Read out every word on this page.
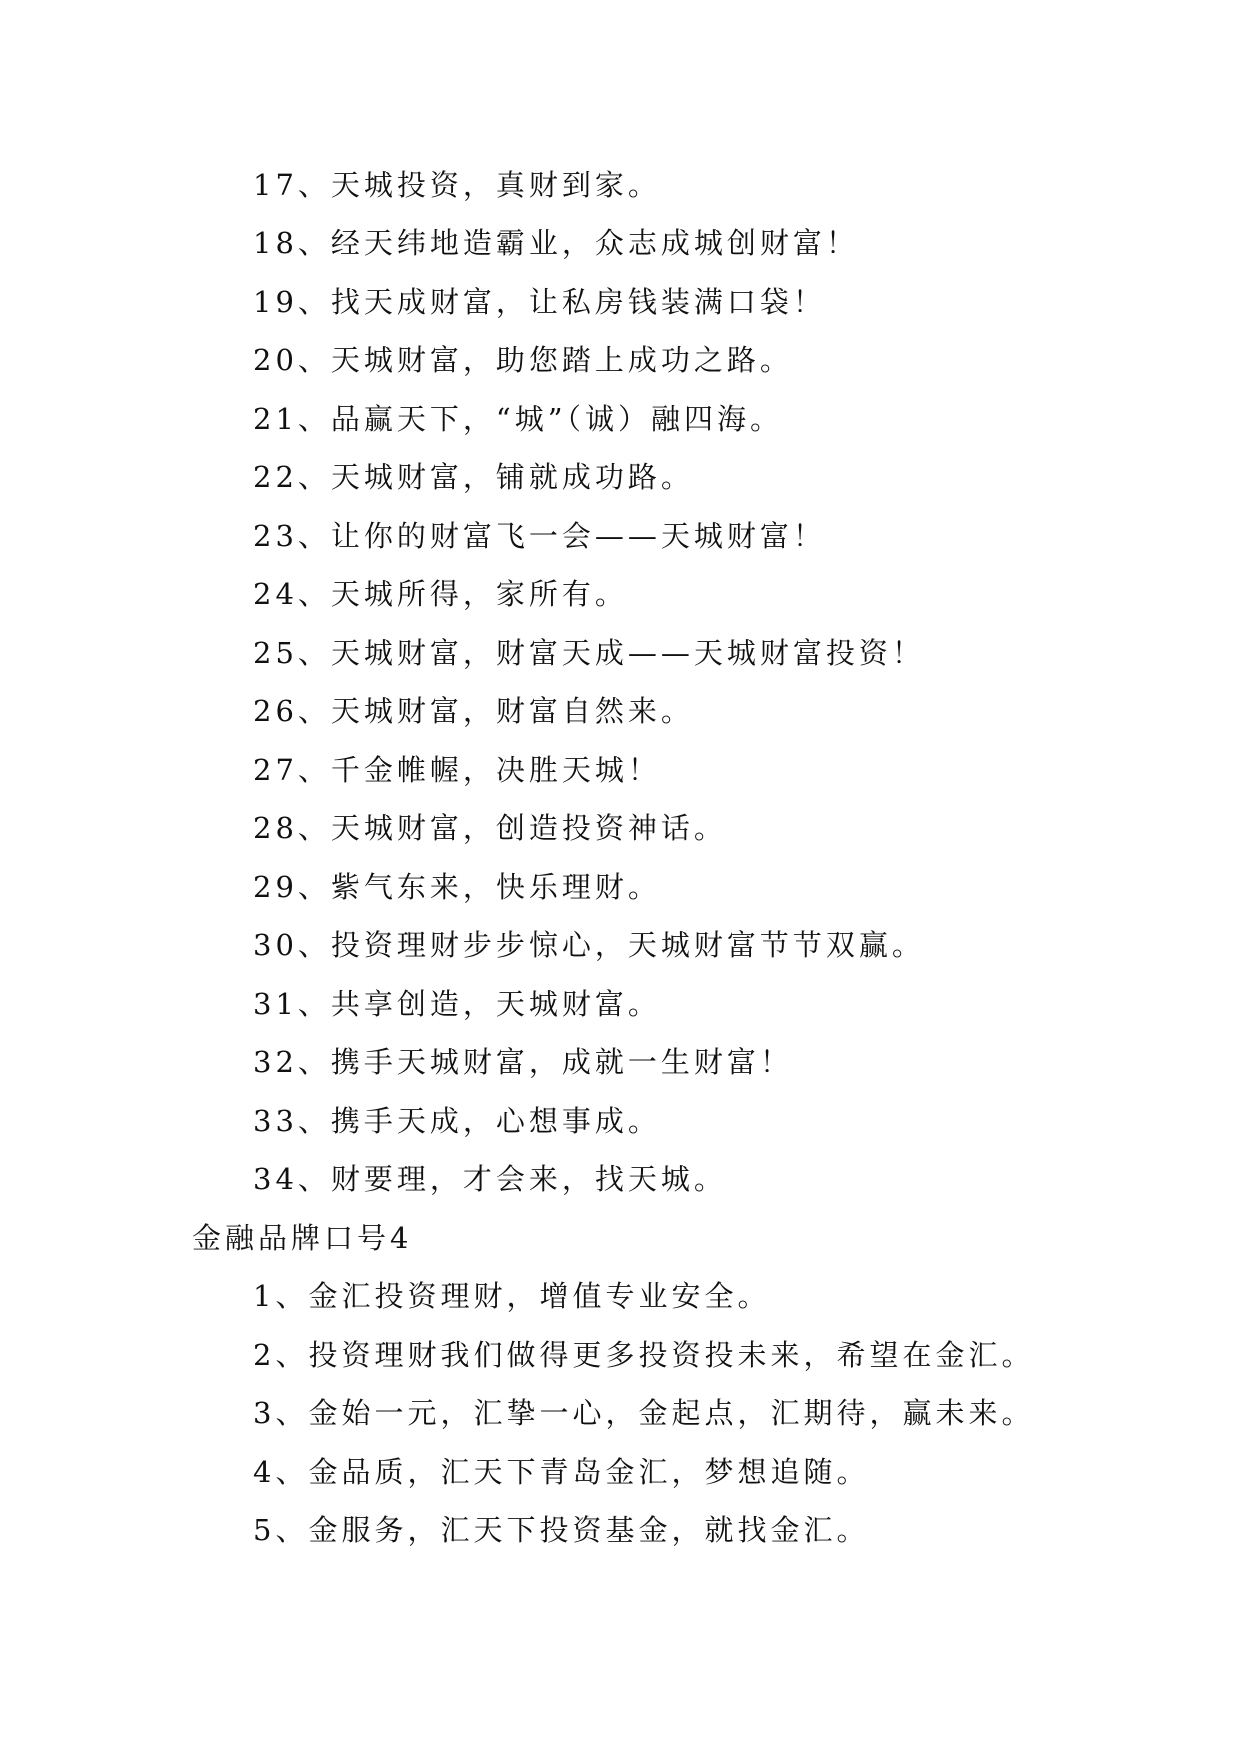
17、天城投资，真财到家。
18、经天纬地造霸业，众志成城创财富！
19、找天成财富，让私房钱装满口袋！
20、天城财富，助您踏上成功之路。
21、品赢天下，“城”（诚）融四海。
22、天城财富，铺就成功路。
23、让你的财富飞一会——天城财富！
24、天城所得，家所有。
25、天城财富，财富天成——天城财富投资！
26、天城财富，财富自然来。
27、千金帷幄，决胜天城！
28、天城财富，创造投资神话。
29、紫气东来，快乐理财。
30、投资理财步步惊心，天城财富节节双赢。
31、共享创造，天城财富。
32、携手天城财富，成就一生财富！
33、携手天成，心想事成。
34、财要理，才会来，找天城。
金融品牌口号4
1、金汇投资理财，增值专业安全。
2、投资理财我们做得更多投资投未来，希望在金汇。
3、金始一元，汇挚一心，金起点，汇期待，赢未来。
4、金品质，汇天下青岛金汇，梦想追随。
5、金服务，汇天下投资基金，就找金汇。
